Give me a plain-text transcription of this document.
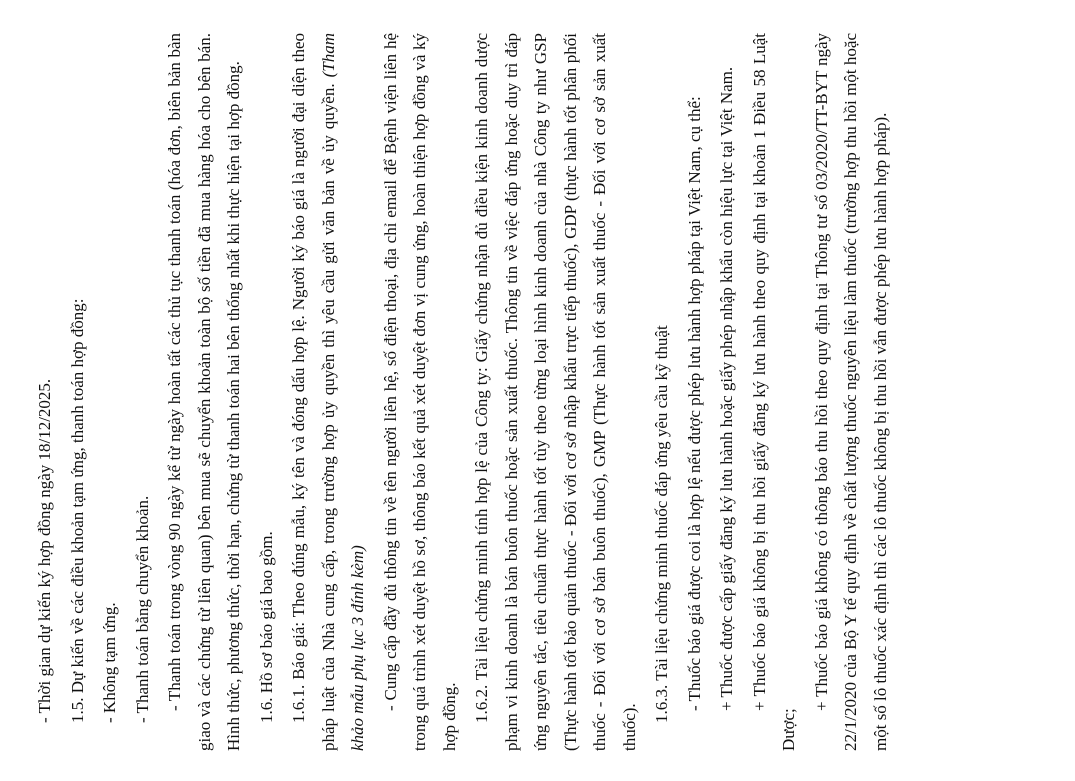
- Thời gian dự kiến ký hợp đồng ngày 18/12/2025. 1.5. Dự kiến về các điều khoản tạm ứng, thanh toán hợp đồng: - Không tạm ứng. - Thanh toán bằng chuyển khoản. - Thanh toán trong vòng 90 ngày kể từ ngày hoàn tất các thủ tục thanh toán (hóa đơn, biên bản bàn giao và các chứng từ liên quan) bên mua sẽ chuyển khoản toàn bộ số tiền đã mua hàng hóa cho bên bán. Hình thức, phương thức, thời hạn, chứng từ thanh toán hai bên thống nhất khi thực hiện tại hợp đồng. 1.6. Hồ sơ báo giá bao gồm. 1.6.1. Báo giá: Theo đúng mẫu, ký tên và đóng dấu hợp lệ. Người ký báo giá là người đại diện theo pháp luật của Nhà cung cấp, trong trường hợp ủy quyền thì yêu cầu gửi văn bản về ủy quyền. (Tham khảo mẫu phụ lục 3 đính kèm) - Cung cấp đầy đủ thông tin về tên người liên hệ, số điện thoại, địa chỉ email để Bệnh viện liên hệ trong quá trình xét duyệt hồ sơ, thông báo kết quả xét duyệt đơn vị cung ứng, hoàn thiện hợp đồng và ký hợp đồng. 1.6.2. Tài liệu chứng minh tính hợp lệ của Công ty: Giấy chứng nhận đủ điều kiện kinh doanh dược phạm vi kinh doanh là bán buôn thuốc hoặc sản xuất thuốc. Thông tin về việc đáp ứng hoặc duy trì đáp ứng nguyên tắc, tiêu chuẩn thực hành tốt tùy theo từng loại hình kinh doanh của nhà Công ty như GSP (Thực hành tốt bảo quản thuốc - Đối với cơ sở nhập khẩu trực tiếp thuốc), GDP (thực hành tốt phân phối thuốc - Đối với cơ sở bán buôn thuốc), GMP (Thực hành tốt sản xuất thuốc - Đối với cơ sở sản xuất thuốc).

1.6.3. Tài liệu chứng minh thuốc đáp ứng yêu cầu kỹ thuật - Thuốc báo giá được coi là hợp lệ nếu được phép lưu hành hợp pháp tại Việt Nam, cụ thể: + Thuốc được cấp giấy đăng ký lưu hành hoặc giấy phép nhập khẩu còn hiệu lực tại Việt Nam. + Thuốc báo giá không bị thu hồi giấy đăng ký lưu hành theo quy định tại khoản 1 Điều 58 Luật Dược;

+ Thuốc báo giá không có thông báo thu hồi theo quy định tại Thông tư số 03/2020/TT-BYT ngày 22/1/2020 của Bộ Y tế quy định về chất lượng thuốc nguyên liệu làm thuốc (trường hợp thu hồi một hoặc một số lô thuốc xác định thì các lô thuốc không bị thu hồi vẫn được phép lưu hành hợp pháp).
